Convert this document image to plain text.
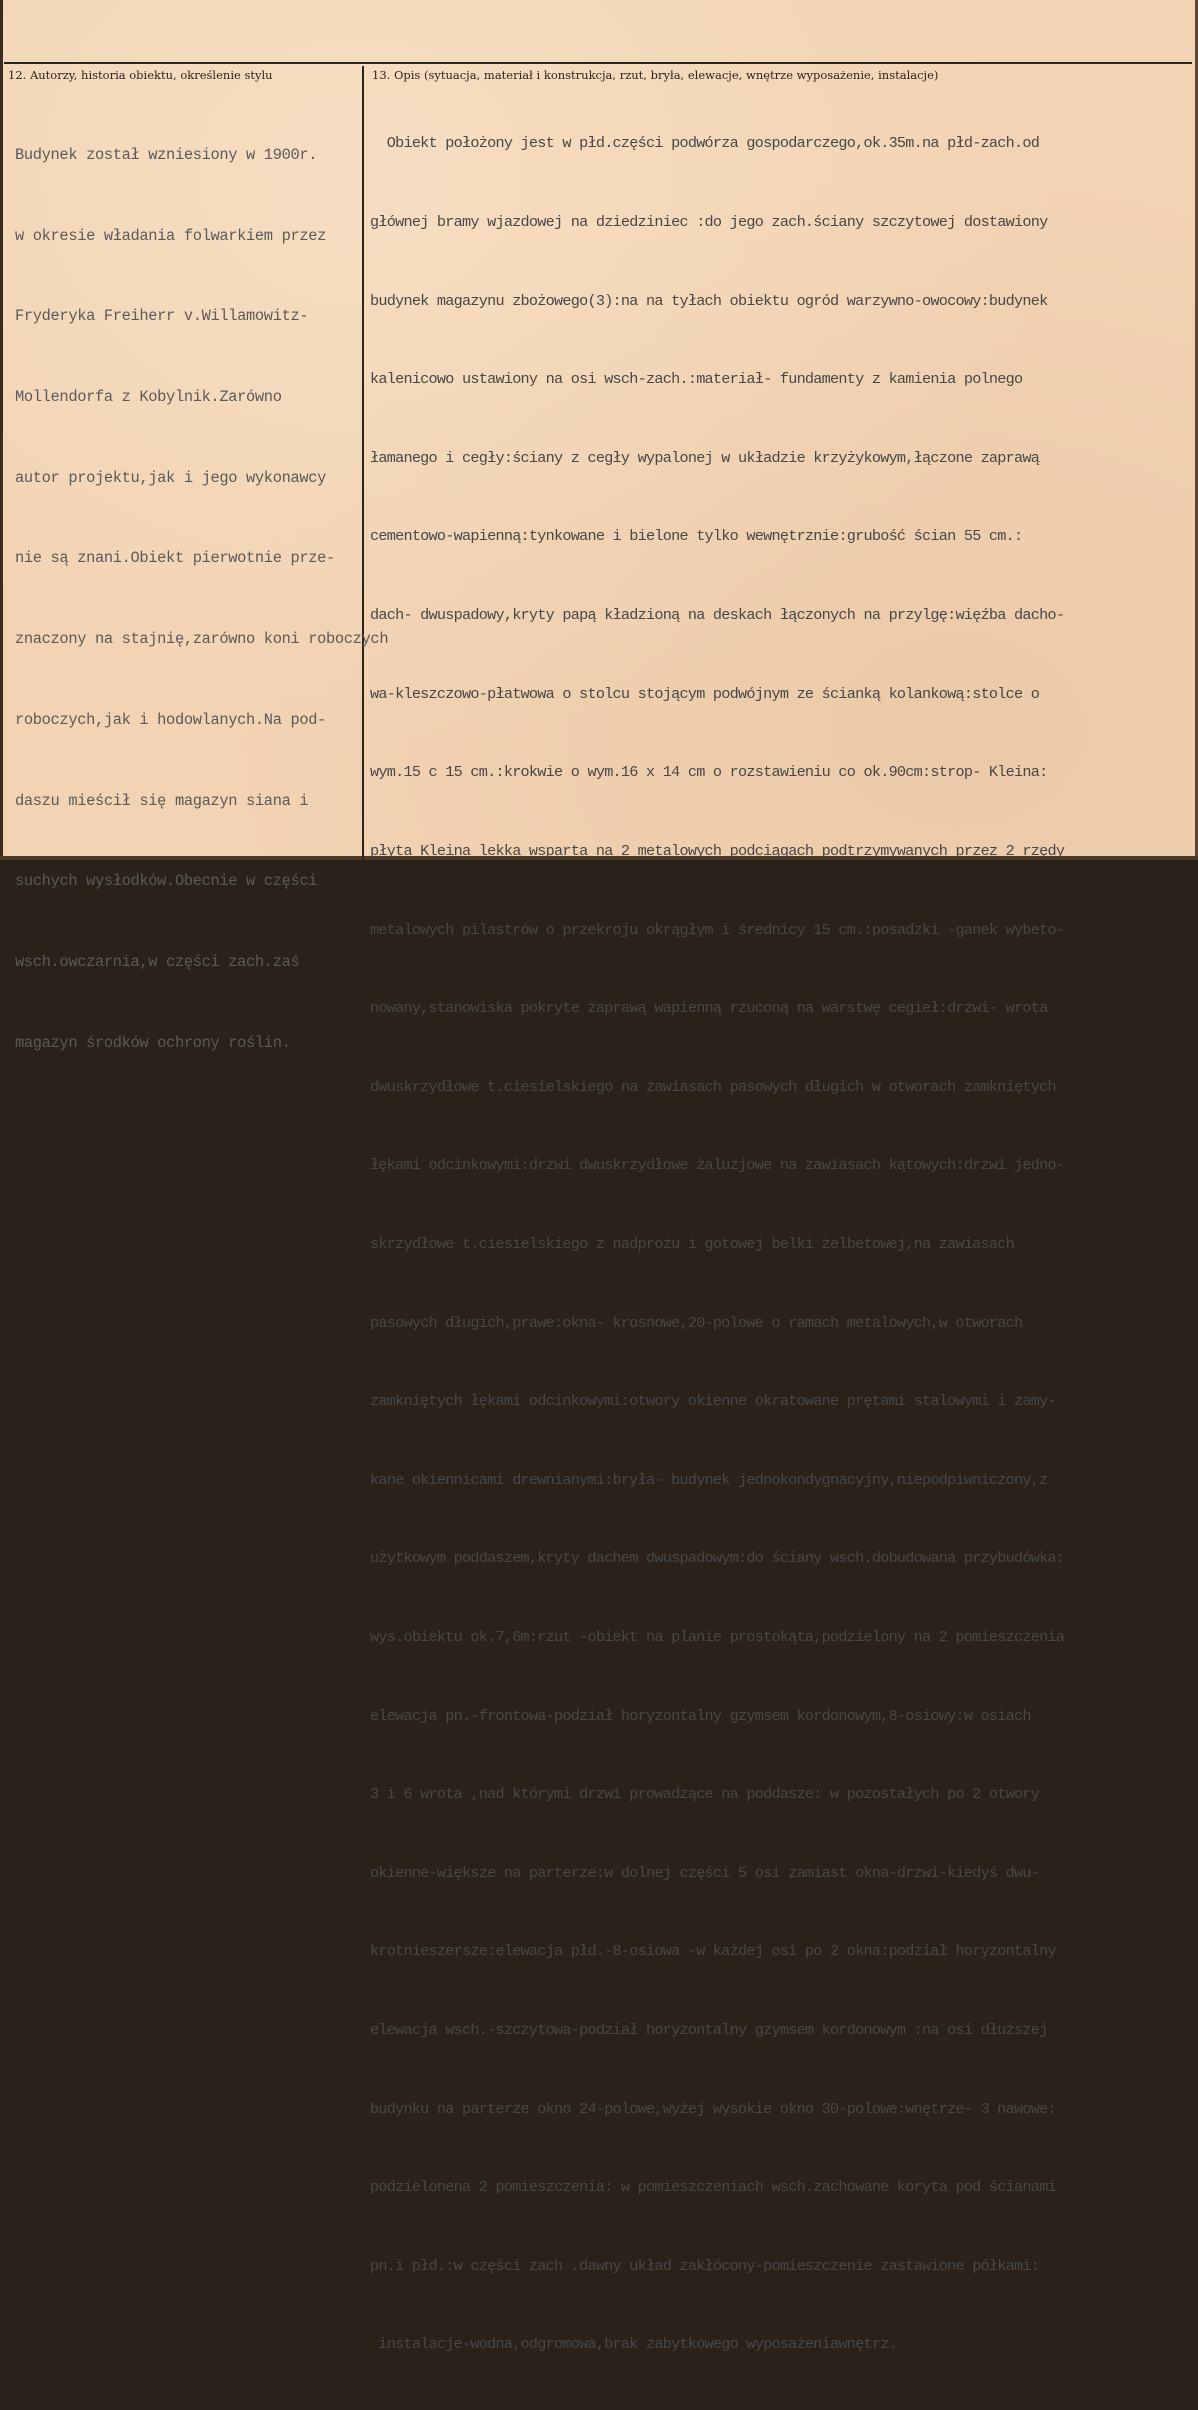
12. Autorzy, historia obiektu, określenie stylu	13. Opis (sytuacja, materiał i konstrukcja, rzut, bryła, elewacje, wnętrze wyposażenie, instalacje)

Budynek został wzniesiony w 1900r.

w okresie władania folwarkiem przez

Fryderyka Freiherr v.Willamowitz-

Mollendorfa z Kobylnik.Zarówno

autor projektu,jak i jego wykonawcy

nie są znani.Obiekt pierwotnie prze-

znaczony na stajnię,zarówno koni roboczych

roboczych,jak i hodowlanych.Na pod-

daszu mieścił się magazyn siana i

suchych wysłodków.Obecnie w części

wsch.owczarnia,w części zach.zaś

magazyn środków ochrony roślin.

Obiekt położony jest w płd.części podwórza gospodarczego,ok.35m.na płd-zach.od

głównej bramy wjazdowej na dziedziniec :do jego zach.ściany szczytowej dostawiony

budynek magazynu zbożowego(3):na na tyłach obiektu ogród warzywno-owocowy:budynek

kalenicowo ustawiony na osi wsch-zach.:materiał- fundamenty z kamienia polnego

łamanego i cegły:ściany z cegły wypalonej w układzie krzyżykowym,łączone zaprawą

cementowo-wapienną:tynkowane i bielone tylko wewnętrznie:grubość ścian 55 cm.:

dach- dwuspadowy,kryty papą kładzioną na deskach łączonych na przylgę:więźba dacho-

wa-kleszczowo-płatwowa o stolcu stojącym podwójnym ze ścianką kolankową:stolce o

wym.15 c 15 cm.:krokwie o wym.16 x 14 cm o rozstawieniu co ok.90cm:strop- Kleina:

płyta Kleina lekka wsparta na 2 metalowych podciągach podtrzymywanych przez 2 rzędy

metalowych pilastrów o przekroju okrągłym i średnicy 15 cm.:posadzki -ganek wybeto-

nowany,stanowiska pokryte zaprawą wapienną rzuconą na warstwę cegieł:drzwi- wrota

dwuskrzydłowe t.ciesielskiego na zawiasach pasowych długich w otworach zamkniętych

łękami odcinkowymi:drzwi dwuskrzydłowe żaluzjowe na zawiasach kątowych:drzwi jedno-

skrzydłowe t.ciesielskiego z nadprożu i gotowej belki żelbetowej,na zawiasach

pasowych długich,prawe:okna- krosnowe,20-polowe o ramach metalowych,w otworach

zamkniętych łękami odcinkowymi:otwory okienne okratowane prętami stalowymi i zamy-

kane okiennicami drewnianymi:bryła- budynek jednokondygnacyjny,niepodpiwniczony,z

użytkowym poddaszem,kryty dachem dwuspadowym:do ściany wsch.dobudowana przybudówka:

wys.obiektu ok.7,6m:rzut -obiekt na planie prostokąta,podzielony na 2 pomieszczenia

elewacja pn.-frontowa-podział horyzontalny gzymsem kordonowym,8-osiowy:w osiach

3 i 6 wrota ,nad którymi drzwi prowadzące na poddasze: w pozostałych po 2 otwory

okienne-większe na parterze:w dolnej części 5 osi zamiast okna-drzwi-kiedyś dwu-

krotnieszersze:elewacja płd.-8-osiowa -w każdej osi po 2 okna:podział horyzontalny

elewacja wsch.-szczytowa-podział horyzontalny gzymsem kordonowym :na osi dłuższej

budynku na parterze okno 24-polowe,wyżej wysokie okno 30-polowe:wnętrze- 3 nawowe:

podzielonena 2 pomieszczenia: w pomieszczeniach wsch.zachowane koryta pod ścianami

pn.i płd.:w części zach .dawny układ zakłócony-pomieszczenie zastawione półkami:

instalacje-wodna,odgromowa,brak zabytkowego wyposażeniawnętrz.
